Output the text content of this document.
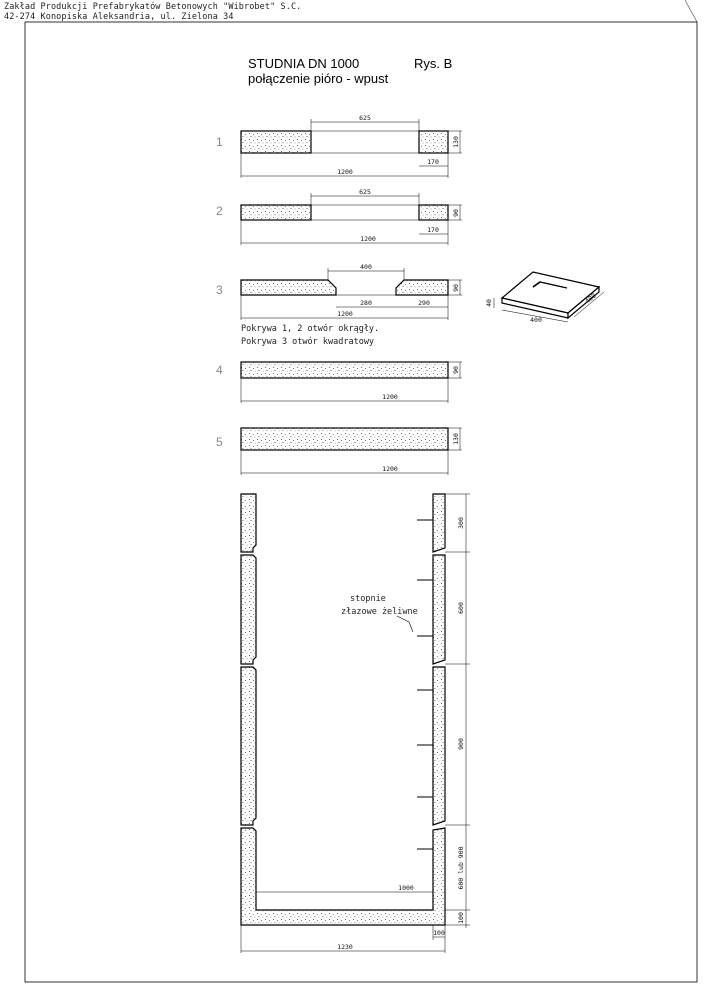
Zakład Produkcji Prefabrykatów Betonowych "Wibrobet" S.C.
42-274 Konopiska Aleksandria, ul. Zielona 34
STUDNIA DN 1000	Rys. B
połączenie pióro - wpust
1
625
1200
170
130
2
625
1200
170
90
3
400
280	290
1200
90
Pokrywa 1, 2 otwór okrągły.
Pokrywa 3 otwór kwadratowy
40
400
400
4
1200
90
5
1200
130
stopnie
złazowe żeliwne
300
600
900
600 lub 900
100
1000
100
1230
